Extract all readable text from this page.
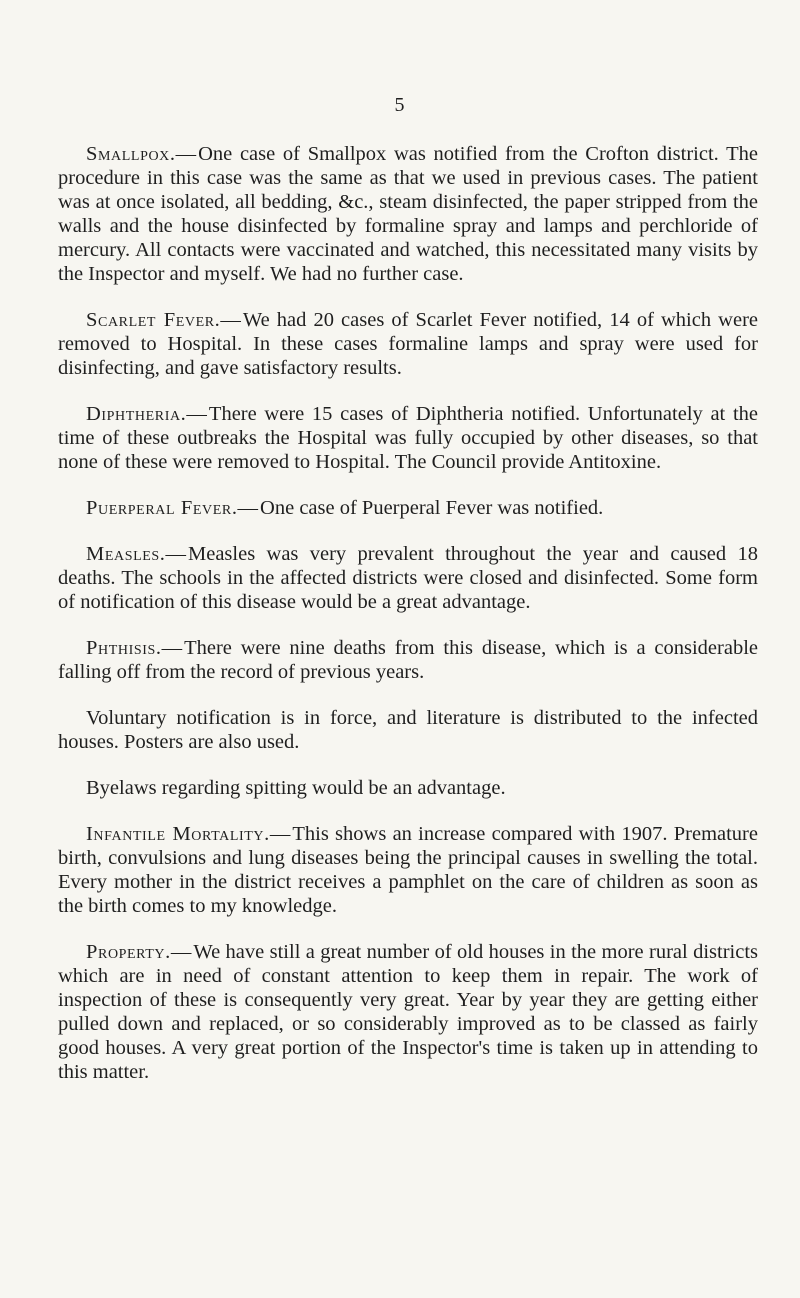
5

Smallpox.—One case of Smallpox was notified from the Crofton district. The procedure in this case was the same as that we used in previous cases. The patient was at once isolated, all bedding, &c., steam disinfected, the paper stripped from the walls and the house disinfected by formaline spray and lamps and perchloride of mercury. All contacts were vaccinated and watched, this necessitated many visits by the Inspector and myself. We had no further case.

Scarlet Fever.—We had 20 cases of Scarlet Fever notified, 14 of which were removed to Hospital. In these cases formaline lamps and spray were used for disinfecting, and gave satisfactory results.

Diphtheria.—There were 15 cases of Diphtheria notified. Unfortunately at the time of these outbreaks the Hospital was fully occupied by other diseases, so that none of these were removed to Hospital. The Council provide Antitoxine.

Puerperal Fever.—One case of Puerperal Fever was notified.

Measles.—Measles was very prevalent throughout the year and caused 18 deaths. The schools in the affected districts were closed and disinfected. Some form of notification of this disease would be a great advantage.

Phthisis.—There were nine deaths from this disease, which is a considerable falling off from the record of previous years.

Voluntary notification is in force, and literature is distributed to the infected houses. Posters are also used.

Byelaws regarding spitting would be an advantage.

Infantile Mortality.—This shows an increase compared with 1907. Premature birth, convulsions and lung diseases being the principal causes in swelling the total. Every mother in the district receives a pamphlet on the care of children as soon as the birth comes to my knowledge.

Property.—We have still a great number of old houses in the more rural districts which are in need of constant attention to keep them in repair. The work of inspection of these is consequently very great. Year by year they are getting either pulled down and replaced, or so considerably improved as to be classed as fairly good houses. A very great portion of the Inspector's time is taken up in attending to this matter.
